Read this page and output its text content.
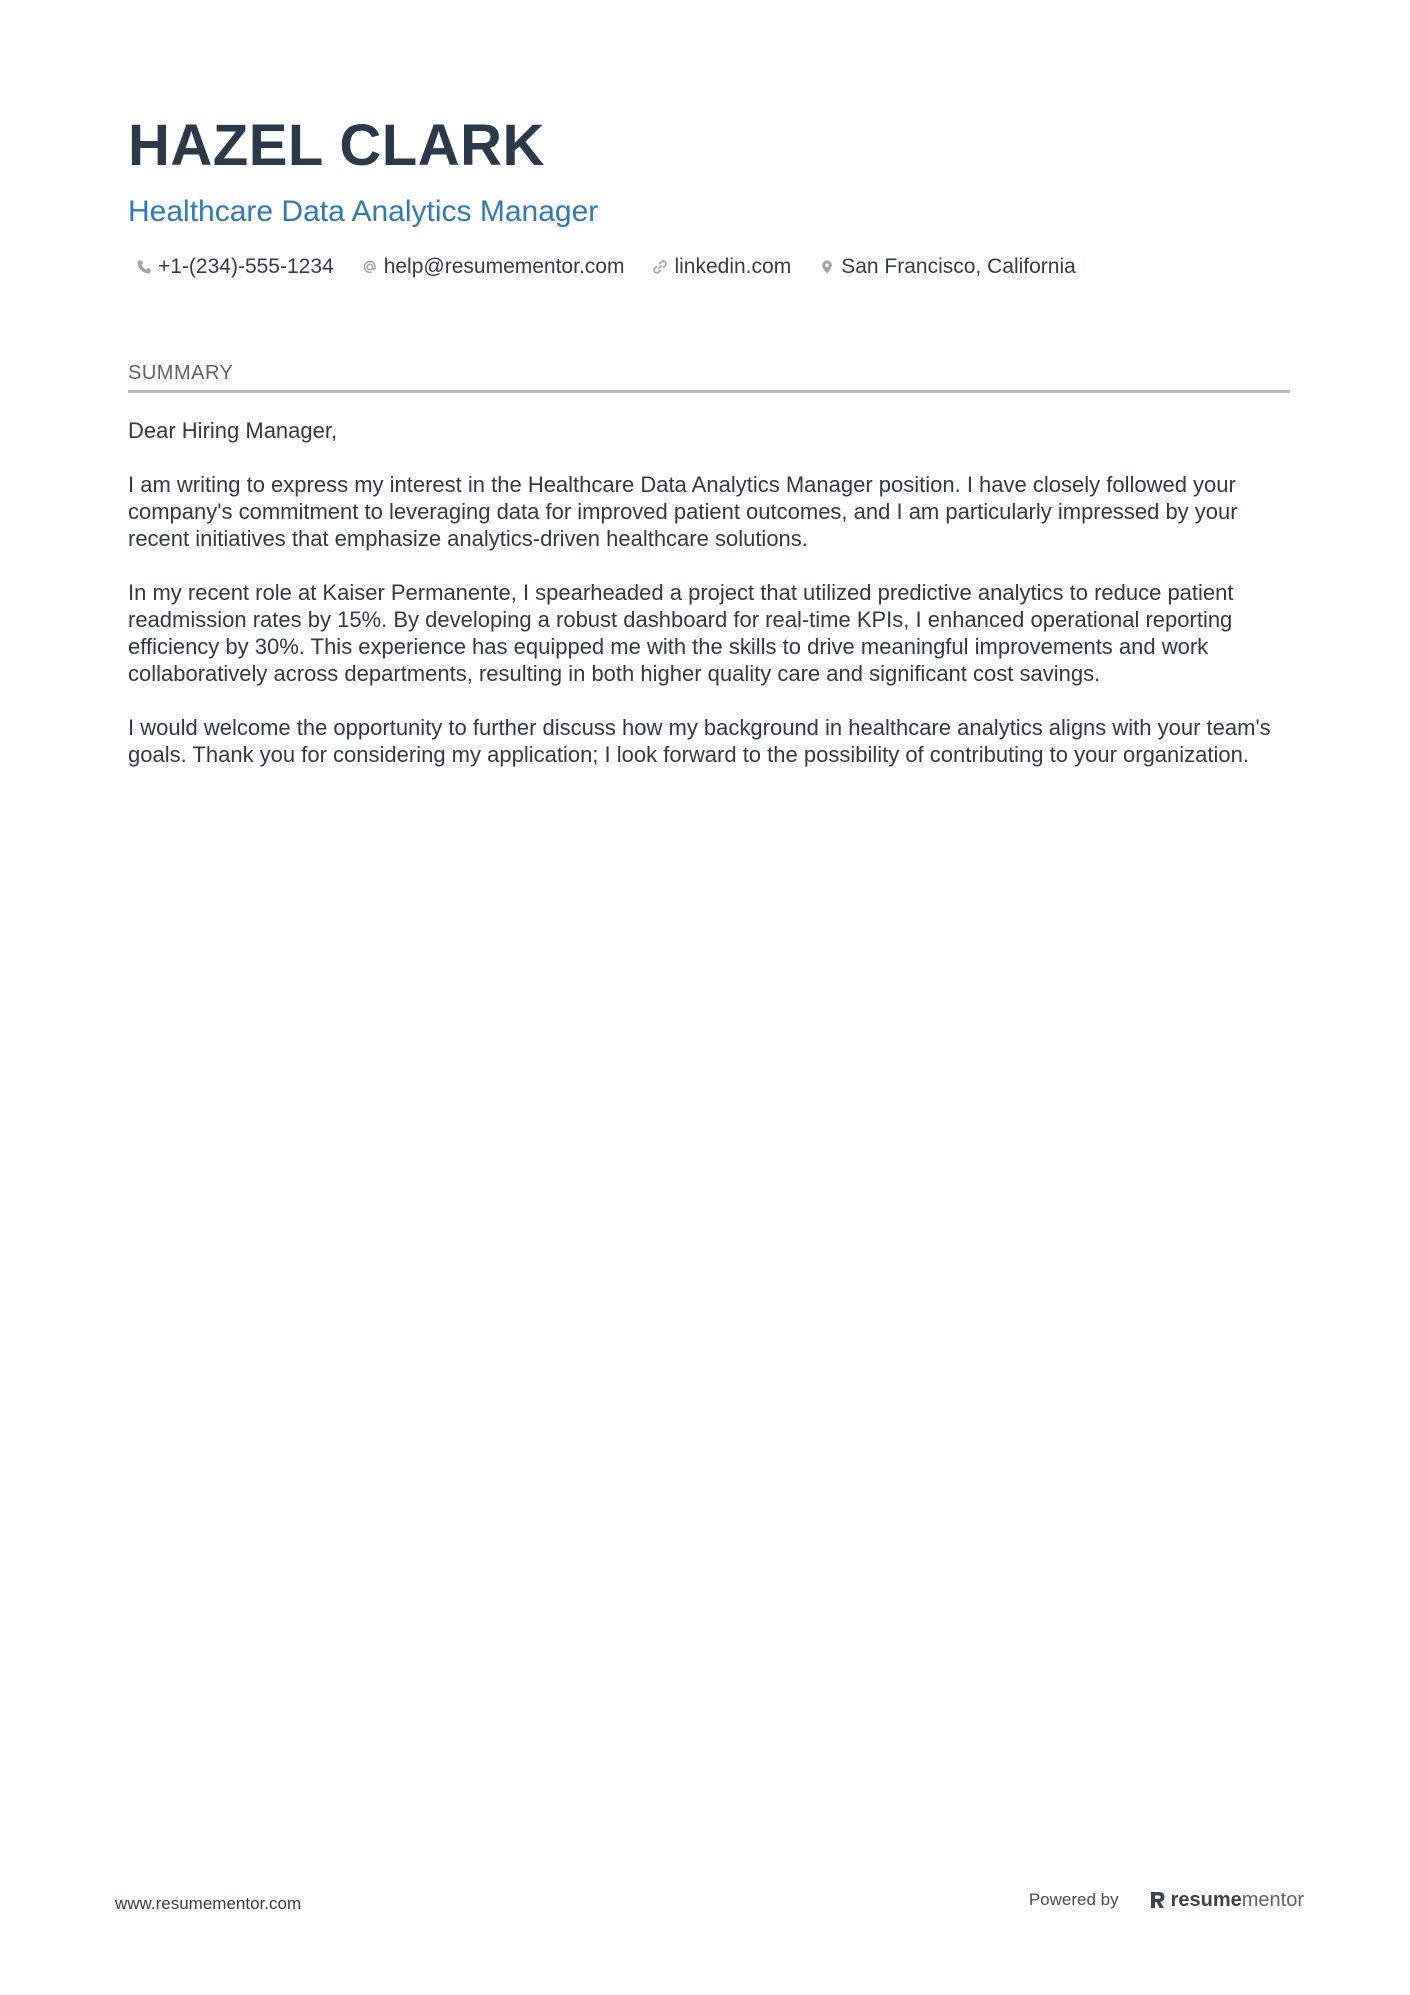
HAZEL CLARK
Healthcare Data Analytics Manager
+1-(234)-555-1234 help@resumementor.com linkedin.com San Francisco, California
SUMMARY

Dear Hiring Manager,

I am writing to express my interest in the Healthcare Data Analytics Manager position. I have closely followed your company's commitment to leveraging data for improved patient outcomes, and I am particularly impressed by your recent initiatives that emphasize analytics-driven healthcare solutions.

In my recent role at Kaiser Permanente, I spearheaded a project that utilized predictive analytics to reduce patient readmission rates by 15%. By developing a robust dashboard for real-time KPIs, I enhanced operational reporting efficiency by 30%. This experience has equipped me with the skills to drive meaningful improvements and work collaboratively across departments, resulting in both higher quality care and significant cost savings.

I would welcome the opportunity to further discuss how my background in healthcare analytics aligns with your team's goals. Thank you for considering my application; I look forward to the possibility of contributing to your organization.

www.resumementor.com	Powered by	resume mentor
